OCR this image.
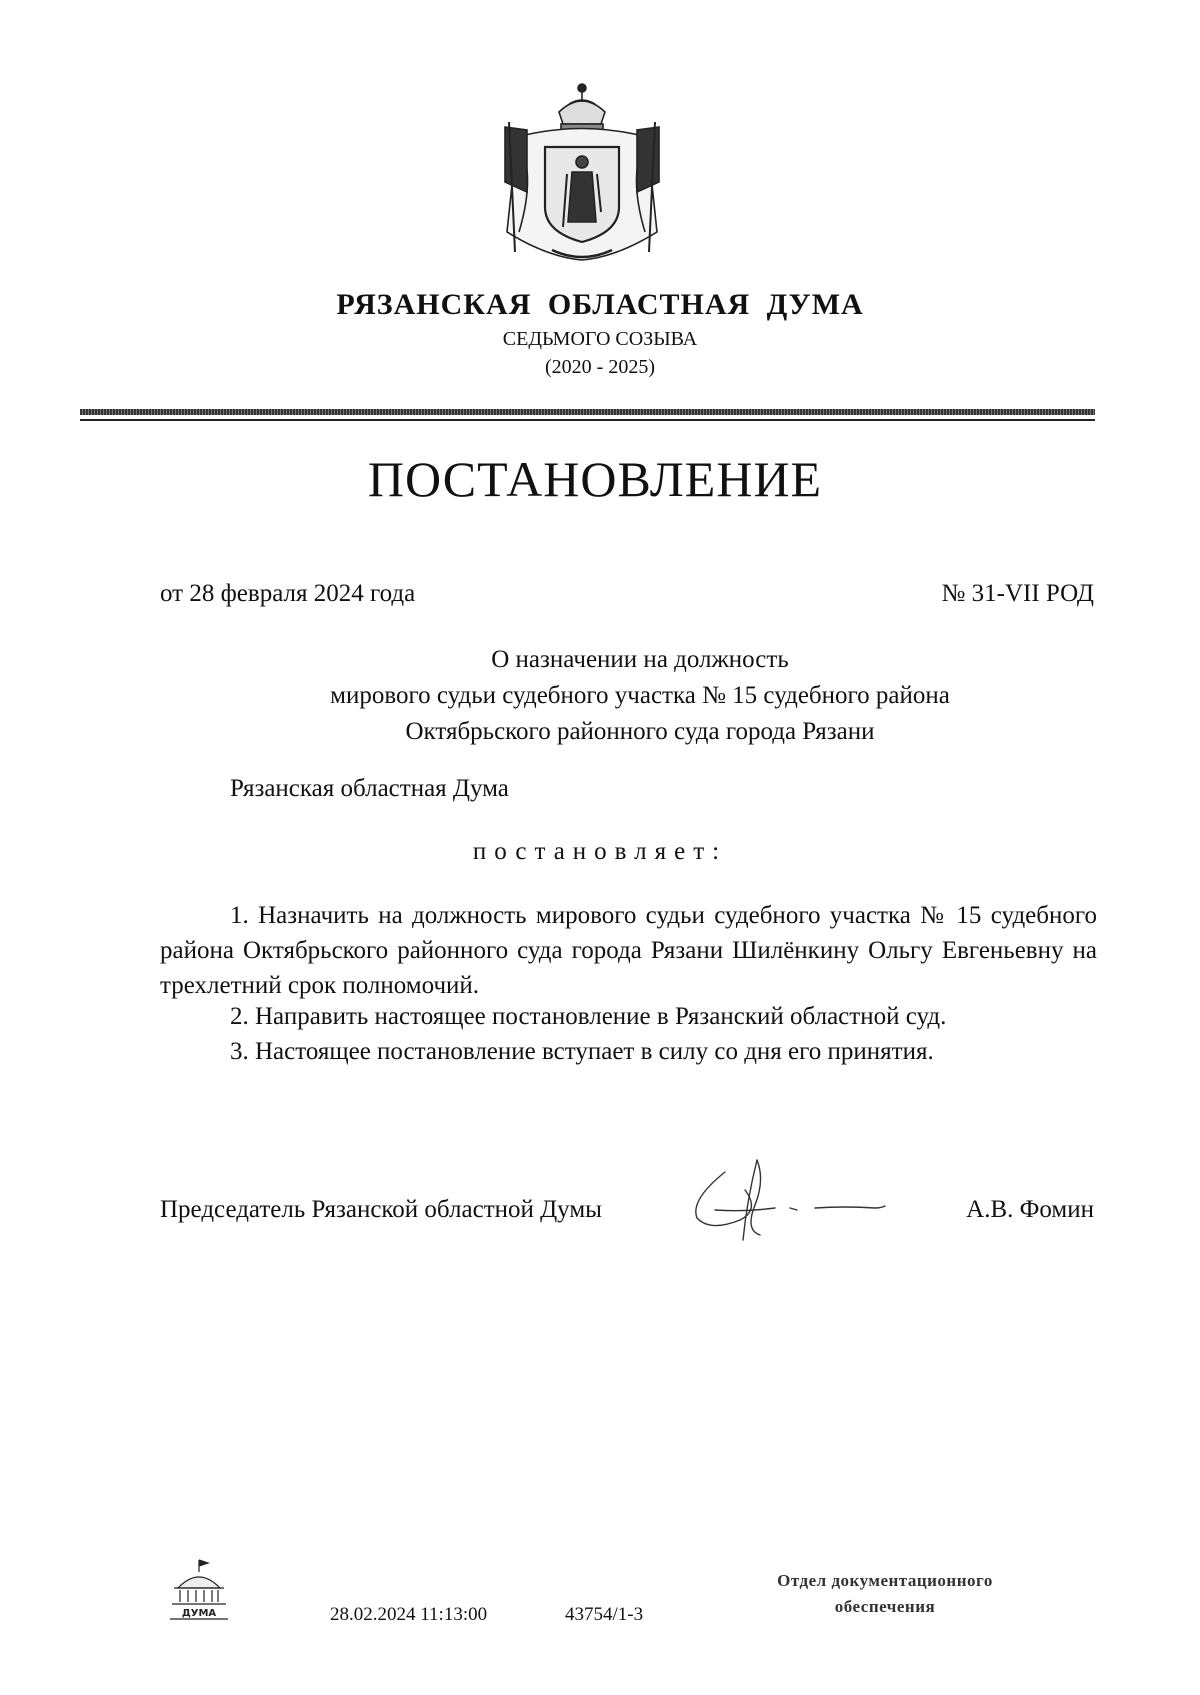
РЯЗАНСКАЯ ОБЛАСТНАЯ ДУМА
СЕДЬМОГО СОЗЫВА
(2020 - 2025)
ПОСТАНОВЛЕНИЕ
от 28 февраля 2024 года	№ 31-VII РОД
О назначении на должность
мирового судьи судебного участка № 15 судебного района
Октябрьского районного суда города Рязани
Рязанская областная Дума
постановляет:
1. Назначить на должность мирового судьи судебного участка № 15 судебного района Октябрьского районного суда города Рязани Шилёнкину Ольгу Евгеньевну на трехлетний срок полномочий.
2. Направить настоящее постановление в Рязанский областной суд.
3. Настоящее постановление вступает в силу со дня его принятия.
Председатель Рязанской областной Думы	А.В. Фомин
ДУМА	28.02.2024 11:13:00	43754/1-3
Отдел документационного
обеспечения
